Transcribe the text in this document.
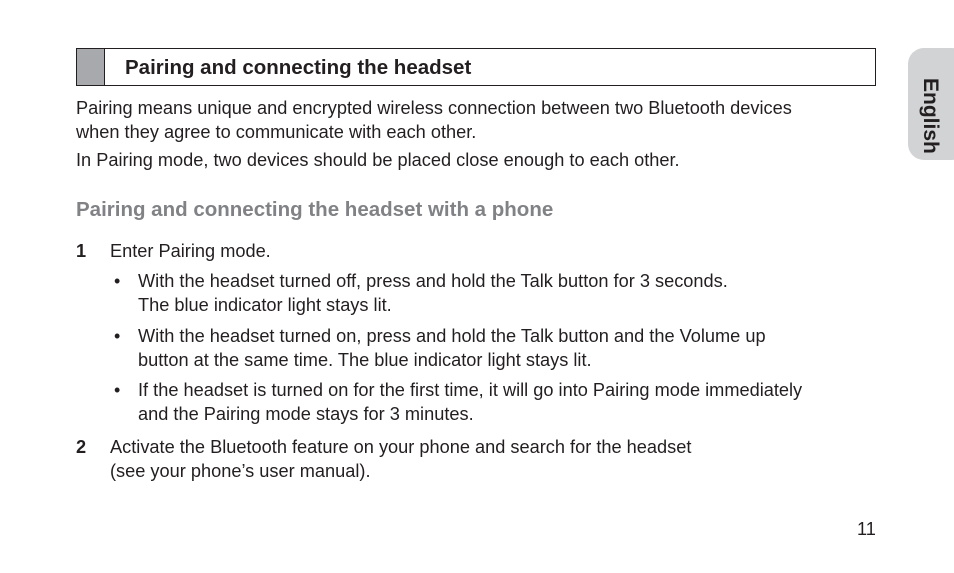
Pairing and connecting the headset
English
Pairing means unique and encrypted wireless connection between two Bluetooth devices
when they agree to communicate with each other.
In Pairing mode, two devices should be placed close enough to each other.
Pairing and connecting the headset with a phone
1 Enter Pairing mode.
• With the headset turned off, press and hold the Talk button for 3 seconds.
The blue indicator light stays lit.
• With the headset turned on, press and hold the Talk button and the Volume up
button at the same time. The blue indicator light stays lit.
• If the headset is turned on for the first time, it will go into Pairing mode immediately
and the Pairing mode stays for 3 minutes.
2 Activate the Bluetooth feature on your phone and search for the headset
(see your phone’s user manual).
11
